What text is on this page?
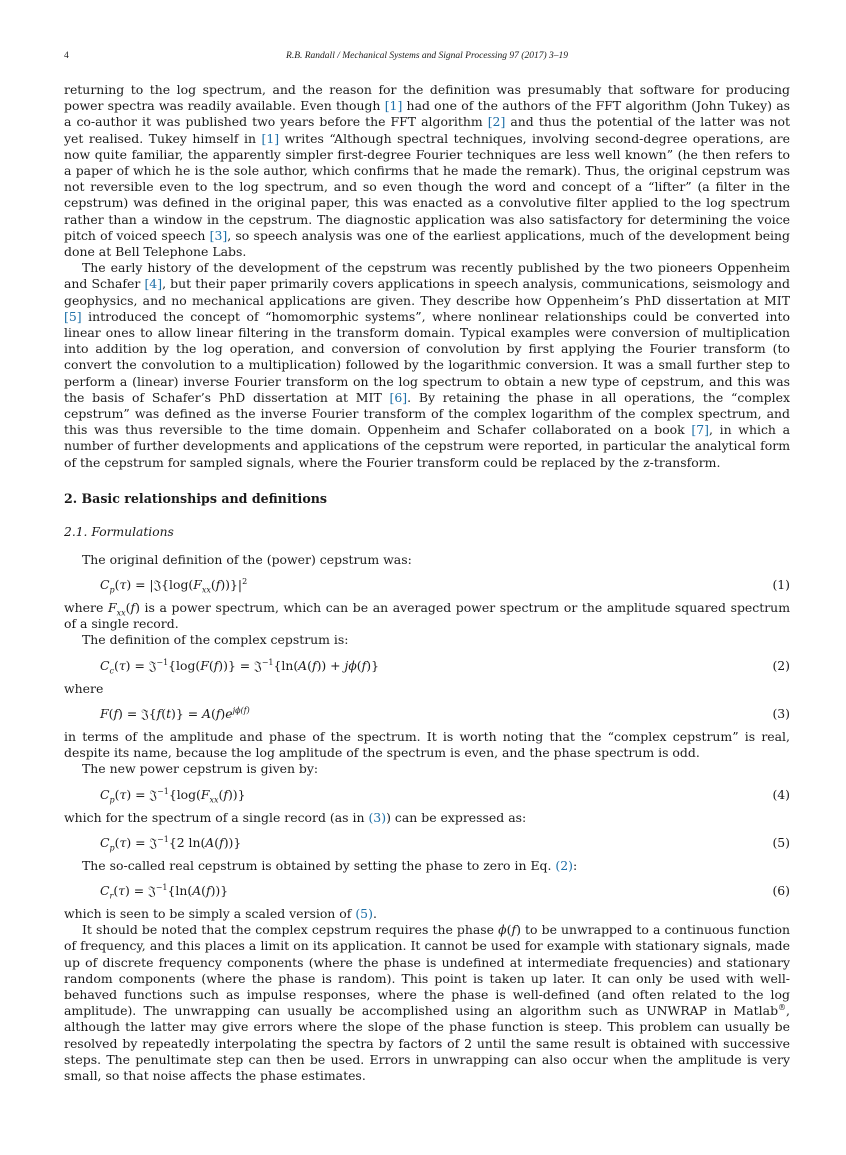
4	R.B. Randall / Mechanical Systems and Signal Processing 97 (2017) 3–19

returning to the log spectrum, and the reason for the definition was presumably that software for producing power spectra was readily available. Even though [1] had one of the authors of the FFT algorithm (John Tukey) as a co-author it was published two years before the FFT algorithm [2] and thus the potential of the latter was not yet realised. Tukey himself in [1] writes “Although spectral techniques, involving second-degree operations, are now quite familiar, the apparently simpler first-degree Fourier techniques are less well known” (he then refers to a paper of which he is the sole author, which confirms that he made the remark). Thus, the original cepstrum was not reversible even to the log spectrum, and so even though the word and concept of a “lifter” (a filter in the cepstrum) was defined in the original paper, this was enacted as a convolutive filter applied to the log spectrum rather than a window in the cepstrum. The diagnostic application was also satisfactory for determining the voice pitch of voiced speech [3], so speech analysis was one of the earliest applications, much of the development being done at Bell Telephone Labs.

The early history of the development of the cepstrum was recently published by the two pioneers Oppenheim and Schafer [4], but their paper primarily covers applications in speech analysis, communications, seismology and geophysics, and no mechanical applications are given. They describe how Oppenheim’s PhD dissertation at MIT [5] introduced the concept of “homomorphic systems”, where nonlinear relationships could be converted into linear ones to allow linear filtering in the transform domain. Typical examples were conversion of multiplication into addition by the log operation, and conversion of convolution by first applying the Fourier transform (to convert the convolution to a multiplication) followed by the logarithmic conversion. It was a small further step to perform a (linear) inverse Fourier transform on the log spectrum to obtain a new type of cepstrum, and this was the basis of Schafer’s PhD dissertation at MIT [6]. By retaining the phase in all operations, the “complex cepstrum” was defined as the inverse Fourier transform of the complex logarithm of the complex spectrum, and this was thus reversible to the time domain. Oppenheim and Schafer collaborated on a book [7], in which a number of further developments and applications of the cepstrum were reported, in particular the analytical form of the cepstrum for sampled signals, where the Fourier transform could be replaced by the z-transform.

2. Basic relationships and definitions
2.1. Formulations

The original definition of the (power) cepstrum was:

$C_p(\tau)$ = $|𝔍\{\log(F_{xx}(f))\}|^2$	(1)

where $F_{xx}(f)$ is a power spectrum, which can be an averaged power spectrum or the amplitude squared spectrum of a single record.

The definition of the complex cepstrum is:

$C_c(\tau)$ = 𝔍$^{-1}${log(F(f))} = 𝔍$^{-1}${ln(A(f)) + jϕ(f)}	(2)

where

F(f) = 𝔍{f(t)} = $A(f)e^{j\phi(f)}$	(3)

in terms of the amplitude and phase of the spectrum. It is worth noting that the “complex cepstrum” is real, despite its name, because the log amplitude of the spectrum is even, and the phase spectrum is odd.

The new power cepstrum is given by:

$C_p(\tau)$ = $𝔍^{-1}\{\log(F_{xx}(f))\}$	(4)

which for the spectrum of a single record (as in (3)) can be expressed as:

$C_p(\tau)$ = 𝔍$^{-1}${2 ln(A(f))}	(5)

The so-called real cepstrum is obtained by setting the phase to zero in Eq. (2):

$C_r(\tau)$ = 𝔍$^{-1}${ln(A(f))}	(6)

which is seen to be simply a scaled version of (5).

It should be noted that the complex cepstrum requires the phase ϕ(f) to be unwrapped to a continuous function of frequency, and this places a limit on its application. It cannot be used for example with stationary signals, made up of discrete frequency components (where the phase is undefined at intermediate frequencies) and stationary random components (where the phase is random). This point is taken up later. It can only be used with well-behaved functions such as impulse responses, where the phase is well-defined (and often related to the log amplitude). The unwrapping can usually be accomplished using an algorithm such as UNWRAP in Matlab®, although the latter may give errors where the slope of the phase function is steep. This problem can usually be resolved by repeatedly interpolating the spectra by factors of 2 until the same result is obtained with successive steps. The penultimate step can then be used. Errors in unwrapping can also occur when the amplitude is very small, so that noise affects the phase estimates.
